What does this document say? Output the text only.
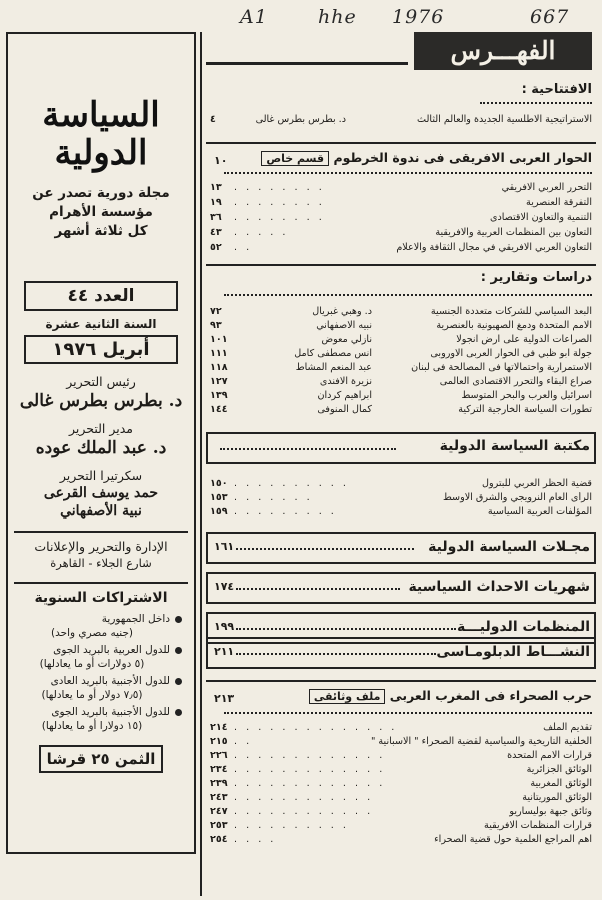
A1	hhe 1976	667
السياسة
الدولية
مجلة دورية تصدر عن
مؤسسة الأهرام
كل ثلاثة أشهر
العدد ٤٤
السنة الثانية عشرة
أبريل ١٩٧٦
رئيس التحرير
د. بطرس بطرس غالى
مدير التحرير
د. عبد الملك عوده
سكرتيرا التحرير
حمد يوسف القرعى
نبية الأصفهاني
الإدارة والتحرير والإعلانات
شارع الجلاء - القاهرة
الاشتراكات السنوية
داخل الجمهورية
(جنيه مصري واحد)
للدول العربية بالبريد الجوى
(٥ دولارات أو ما يعادلها)
للدول الأجنبية بالبريد العادى
(٧٫٥ دولار أو ما يعادلها)
للدول الأجنبية بالبريد الجوى
(١٥ دولارا أو ما يعادلها)
الثمن ٢٥ قرشا
الفهـــرس
الافتتاحية :
الاستراتيجية الاطلسية الجديدة والعالم الثالث
د. بطرس بطرس غالى
٤
الحوار العربى الافريقى فى ندوة الخرطوم قسم خاص
١٠
التحرر العربي الافريقي
. . . . . . . .
١٣
التفرقة العنصرية
. . . . . . . .
١٩
التنمية والتعاون الاقتصادى
. . . . . . . .
٣٦
التعاون بين المنظمات العربية والافريقية
. . . . .
٤٣
التعاون العربي الافريقي في مجال الثقافة والاعلام
. .
٥٢
دراسات وتقارير :
البعد السياسي للشركات متعددة الجنسية
د. وهبي غبريال
٧٢
الامم المتحدة ودمغ الصهيونية بالعنصرية
نبيه الاصفهاني
٩٣
الصراعات الدولية على ارض انجولا
نازلي معوض
١٠١
جولة ابو ظبي فى الحوار العربى الاوروبى
انس مصطفى كامل
١١١
الاستمرارية واحتمالاتها فى المصالحة فى لبنان
عبد المنعم المشاط
١١٨
صراع البقاء والتحرر الاقتصادى العالمى
نزيرة الافندى
١٢٧
اسرائيل والعرب والبحر المتوسط
ابراهيم كردان
١٣٩
تطورات السياسة الخارجية التركية
كمال المنوفى
١٤٤
مكتبة السياسة الدولية
قضية الحظر العربي للبترول
. . . . . . . . . .
١٥٠
الرأى العام النرويجي والشرق الاوسط
. . . . . . .
١٥٣
المؤلفات العربية السياسية
. . . . . . . . .
١٥٩
مجـلات السياسة الدولية
١٦١
شهريات الاحداث السياسية
١٧٤
المنظمات الدوليـــة
١٩٩
النشـــاط الدبلومـاسى
٢١١
حرب الصحراء فى المغرب العربى ملف وثائقى
٢١٣
تقديم الملف
. . . . . . . . . . . . . .
٢١٤
الخلفية التاريخية والسياسية لقضية الصحراء " الاسبانية "
. .
٢١٥
قرارات الامم المتحدة
. . . . . . . . . . . . .
٢٢٦
الوثائق الجزائرية
. . . . . . . . . . . . .
٢٣٤
الوثائق المغربية
. . . . . . . . . . . . .
٢٣٩
الوثائق الموريتانية
. . . . . . . . . . . .
٢٤٣
وثائق جبهة بوليساريو
. . . . . . . . . . . .
٢٤٧
قرارات المنظمات الافريقية
. . . . . . . . . .
٢٥٣
اهم المراجع العلمية حول قضية الصحراء
. . . .
٢٥٤
